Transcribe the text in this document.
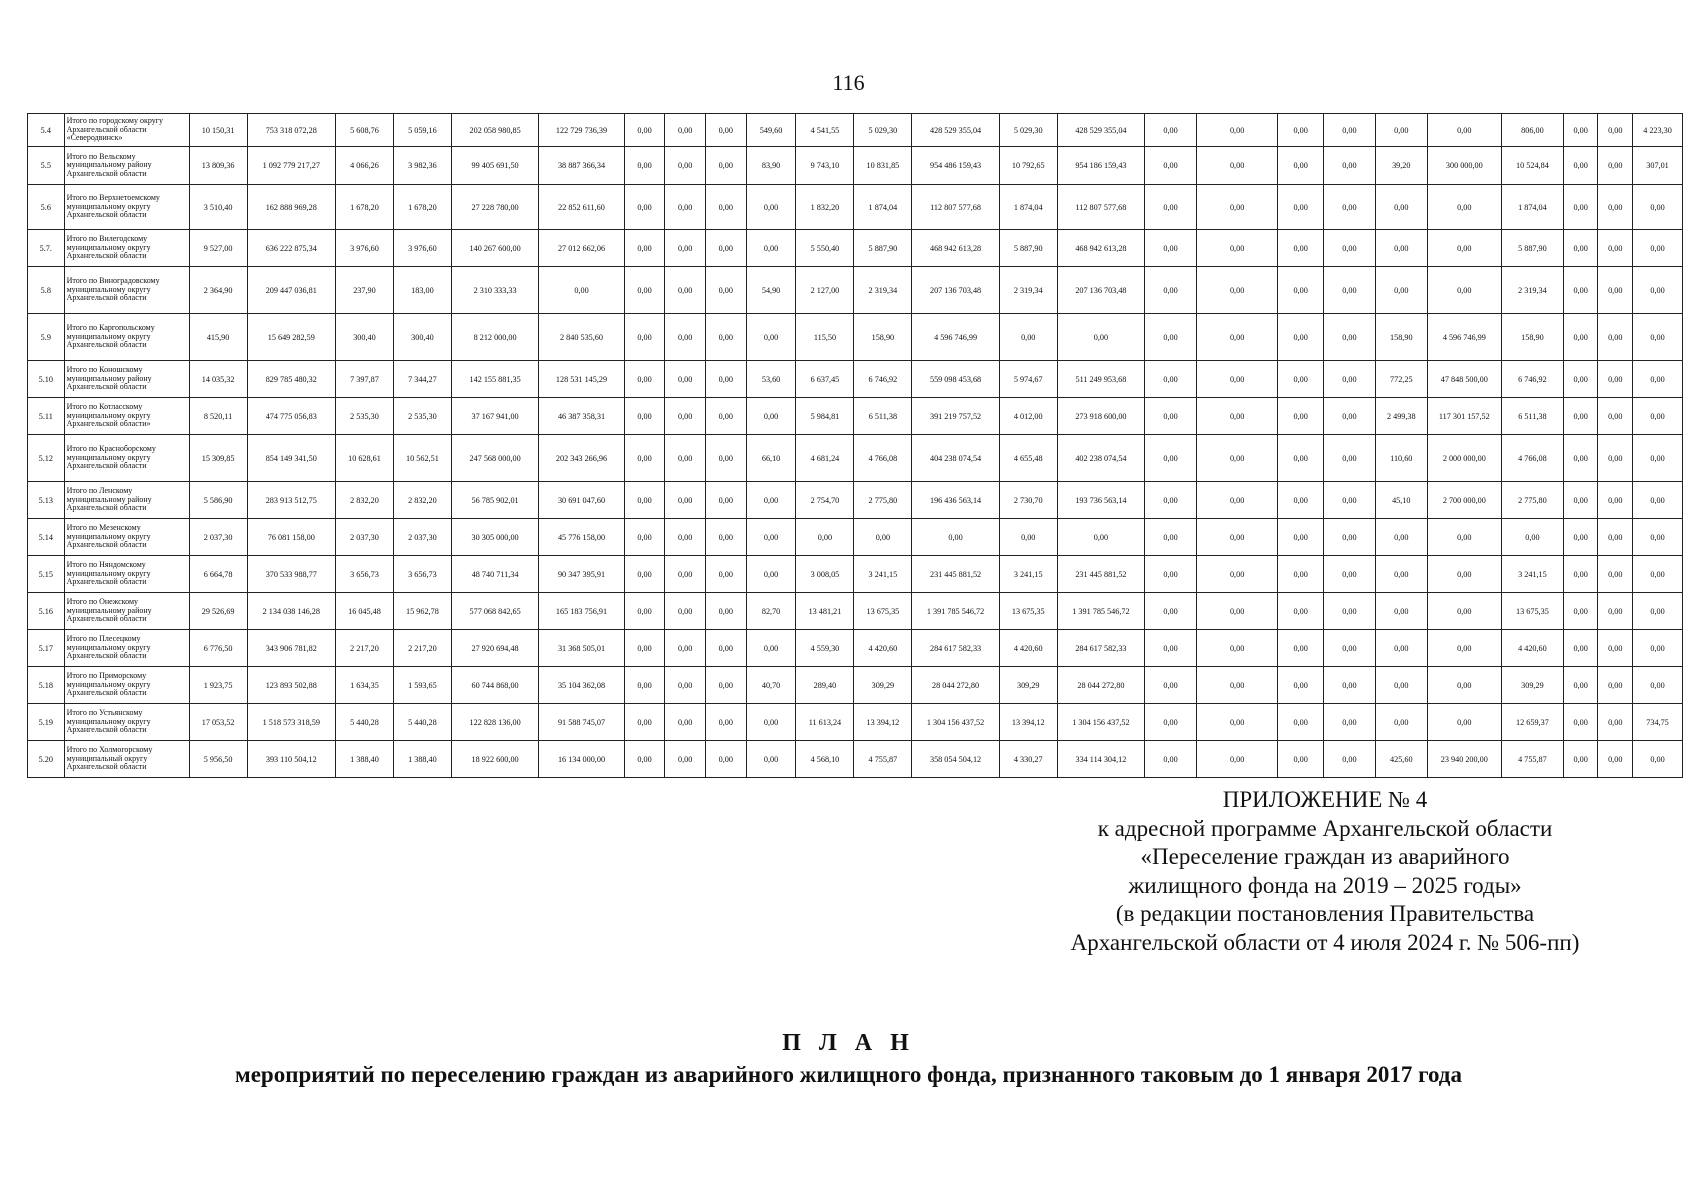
116
5.4	Итого по городскому округу Архангельской области «Северодвинск»	10 150,31	753 318 072,28	5 608,76	5 059,16	202 058 980,85	122 729 736,39	0,00	0,00	0,00	549,60	4 541,55	5 029,30	428 529 355,04	5 029,30	428 529 355,04	0,00	0,00	0,00	0,00	0,00	0,00	806,00	0,00	0,00	4 223,30
5.5	Итого по Вельскому муниципальному району Архангельской области	13 809,36	1 092 779 217,27	4 066,26	3 982,36	99 405 691,50	38 887 366,34	0,00	0,00	0,00	83,90	9 743,10	10 831,85	954 486 159,43	10 792,65	954 186 159,43	0,00	0,00	0,00	0,00	39,20	300 000,00	10 524,84	0,00	0,00	307,01
5.6	Итого по Верхнетоемскому муниципальному округу Архангельской области	3 510,40	162 888 969,28	1 678,20	1 678,20	27 228 780,00	22 852 611,60	0,00	0,00	0,00	0,00	1 832,20	1 874,04	112 807 577,68	1 874,04	112 807 577,68	0,00	0,00	0,00	0,00	0,00	0,00	1 874,04	0,00	0,00	0,00
5.7.	Итого по Вилегодскому муниципальному округу Архангельской области	9 527,00	636 222 875,34	3 976,60	3 976,60	140 267 600,00	27 012 662,06	0,00	0,00	0,00	0,00	5 550,40	5 887,90	468 942 613,28	5 887,90	468 942 613,28	0,00	0,00	0,00	0,00	0,00	0,00	5 887,90	0,00	0,00	0,00
5.8	Итого по Виноградовскому муниципальному округу Архангельской области	2 364,90	209 447 036,81	237,90	183,00	2 310 333,33	0,00	0,00	0,00	0,00	54,90	2 127,00	2 319,34	207 136 703,48	2 319,34	207 136 703,48	0,00	0,00	0,00	0,00	0,00	0,00	2 319,34	0,00	0,00	0,00
5.9	Итого по Каргопольскому муниципальному округу Архангельской области	415,90	15 649 282,59	300,40	300,40	8 212 000,00	2 840 535,60	0,00	0,00	0,00	0,00	115,50	158,90	4 596 746,99	0,00	0,00	0,00	0,00	0,00	0,00	158,90	4 596 746,99	158,90	0,00	0,00	0,00
5.10	Итого по Коношскому муниципальному району Архангельской области	14 035,32	829 785 480,32	7 397,87	7 344,27	142 155 881,35	128 531 145,29	0,00	0,00	0,00	53,60	6 637,45	6 746,92	559 098 453,68	5 974,67	511 249 953,68	0,00	0,00	0,00	0,00	772,25	47 848 500,00	6 746,92	0,00	0,00	0,00
5.11	Итого по Котласскому муниципальному округу Архангельской области»	8 520,11	474 775 056,83	2 535,30	2 535,30	37 167 941,00	46 387 358,31	0,00	0,00	0,00	0,00	5 984,81	6 511,38	391 219 757,52	4 012,00	273 918 600,00	0,00	0,00	0,00	0,00	2 499,38	117 301 157,52	6 511,38	0,00	0,00	0,00
5.12	Итого по Красноборскому муниципальному округу Архангельской области	15 309,85	854 149 341,50	10 628,61	10 562,51	247 568 000,00	202 343 266,96	0,00	0,00	0,00	66,10	4 681,24	4 766,08	404 238 074,54	4 655,48	402 238 074,54	0,00	0,00	0,00	0,00	110,60	2 000 000,00	4 766,08	0,00	0,00	0,00
5.13	Итого по Ленскому муниципальному району Архангельской области	5 586,90	283 913 512,75	2 832,20	2 832,20	56 785 902,01	30 691 047,60	0,00	0,00	0,00	0,00	2 754,70	2 775,80	196 436 563,14	2 730,70	193 736 563,14	0,00	0,00	0,00	0,00	45,10	2 700 000,00	2 775,80	0,00	0,00	0,00
5.14	Итого по Мезенскому муниципальному округу Архангельской области	2 037,30	76 081 158,00	2 037,30	2 037,30	30 305 000,00	45 776 158,00	0,00	0,00	0,00	0,00	0,00	0,00	0,00	0,00	0,00	0,00	0,00	0,00	0,00	0,00	0,00	0,00	0,00	0,00	0,00
5.15	Итого по Няндомскому муниципальному округу Архангельской области	6 664,78	370 533 988,77	3 656,73	3 656,73	48 740 711,34	90 347 395,91	0,00	0,00	0,00	0,00	3 008,05	3 241,15	231 445 881,52	3 241,15	231 445 881,52	0,00	0,00	0,00	0,00	0,00	0,00	3 241,15	0,00	0,00	0,00
5.16	Итого по Онежскому муниципальному району Архангельской области	29 526,69	2 134 038 146,28	16 045,48	15 962,78	577 068 842,65	165 183 756,91	0,00	0,00	0,00	82,70	13 481,21	13 675,35	1 391 785 546,72	13 675,35	1 391 785 546,72	0,00	0,00	0,00	0,00	0,00	0,00	13 675,35	0,00	0,00	0,00
5.17	Итого по Плесецкому муниципальному округу Архангельской области	6 776,50	343 906 781,82	2 217,20	2 217,20	27 920 694,48	31 368 505,01	0,00	0,00	0,00	0,00	4 559,30	4 420,60	284 617 582,33	4 420,60	284 617 582,33	0,00	0,00	0,00	0,00	0,00	0,00	4 420,60	0,00	0,00	0,00
5.18	Итого по Приморскому муниципальному округу Архангельской области	1 923,75	123 893 502,88	1 634,35	1 593,65	60 744 868,00	35 104 362,08	0,00	0,00	0,00	40,70	289,40	309,29	28 044 272,80	309,29	28 044 272,80	0,00	0,00	0,00	0,00	0,00	0,00	309,29	0,00	0,00	0,00
5.19	Итого по Устьянскому муниципальному округу Архангельской области	17 053,52	1 518 573 318,59	5 440,28	5 440,28	122 828 136,00	91 588 745,07	0,00	0,00	0,00	0,00	11 613,24	13 394,12	1 304 156 437,52	13 394,12	1 304 156 437,52	0,00	0,00	0,00	0,00	0,00	0,00	12 659,37	0,00	0,00	734,75
5.20	Итого по Холмогорскому муниципальный округу Архангельской области	5 956,50	393 110 504,12	1 388,40	1 388,40	18 922 600,00	16 134 000,00	0,00	0,00	0,00	0,00	4 568,10	4 755,87	358 054 504,12	4 330,27	334 114 304,12	0,00	0,00	0,00	0,00	425,60	23 940 200,00	4 755,87	0,00	0,00	0,00
ПРИЛОЖЕНИЕ № 4
к адресной программе Архангельской области
«Переселение граждан из аварийного
жилищного фонда на 2019 – 2025 годы»
(в редакции постановления Правительства
Архангельской области от 4 июля 2024 г. № 506-пп)
П Л А Н
мероприятий по переселению граждан из аварийного жилищного фонда, признанного таковым до 1 января 2017 года
